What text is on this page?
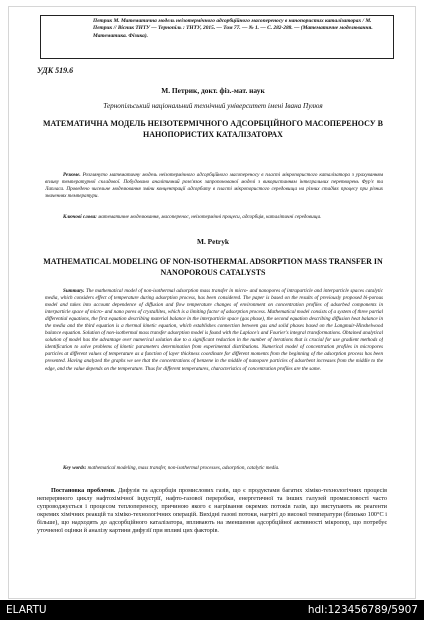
Петрик М. Математична модель неізотермічного адсорбційного масопереносу в нанопористих каталізаторах / М. Петрик // Вісник ТНТУ — Тернопіль : ТНТУ, 2015. — Том 77. — № 1. — С. 282-288. — (Математичне моделювання. Математика. Фізика).
УДК 519.6
М. Петрик, докт. фіз.-мат. наук
Тернопільський національний технічний університет імені Івана Пулюя
МАТЕМАТИЧНА МОДЕЛЬ НЕІЗОТЕРМІЧНОГО АДСОРБЦІЙНОГО МАСОПЕРЕНОСУ В НАНОПОРИСТИХ КАТАЛІЗАТОРАХ
Резюме. Розглянуто математичну модель неізотермічного адсорбційного масопереносу в пласті мікропористого каталізатора з урахуванням впливу температурної складової. Побудовано аналітичний розв'язок запропонованої моделі з використанням інтегральних перетворень Фур'є та Лапласа. Проведено чисельне моделювання зміни концентрації адсорбату в пласті мікропористого середовища на різних стадіях процесу при різних значеннях температури.
Ключові слова: математичне моделювання, масоперенос, неізотермічні процеси, адсорбція, каталітичні середовища.
M. Petryk
MATHEMATICAL MODELING OF NON-ISOTHERMAL ADSORPTION MASS TRANSFER IN NANOPOROUS CATALYSTS
Summary. The mathematical model of non-isothermal adsorption mass transfer in micro- and nanopores of intraparticle and interparticle spaces catalytic media, which considers effect of temperature during adsorption process, has been considered. The paper is based on the results of previously proposed bi-porous model and takes into account dependence of diffusion and flow temperature changes of environment on concentration profiles of adsorbed components in interparticle space of micro- and nano pores of crystallites, which is a limiting factor of adsorption process. Mathematical model consists of a system of three partial differential equations, the first equation describing material balance in the interparticle space (gas phase), the second equation describing diffusion heat balance in the media and the third equation is a thermal kinetic equation, which establishes connection between gas and solid phases based on the Langmuir-Hinshelwood balance equation. Solution of non-isothermal mass transfer adsorption model is found with the Laplace's and Fourier's integral transformations. Obtained analytical solution of model has the advantage over numerical solution due to a significant reduction in the number of iterations that is crucial for use gradient methods of identification to solve problems of kinetic parameters determination from experimental distributions. Numerical model of concentration profiles in micropores particles at different values of temperature as a function of layer thickness coordinate for different moments from the beginning of the adsorption process has been presented. Having analyzed the graphs we see that the concentrations of benzene in the middle of nanopore particles of adsorbent increases from the middle to the edge, and the value depends on the temperature. Thus for different temperatures, characteristics of concentration profiles are the same.
Key words: mathematical modeling, mass transfer, non-isothermal processes, adsorption, catalytic media.
Постановка проблеми. Дифузія та адсорбція промислових газів, що є продуктами багатих хіміко-технологічних процесів неперервного циклу нафтохімічної індустрії, нафто-газової переробки, енергетичної та інших галузей промисловості часто супроводжується і процесом теплопереносу, причиною якого є нагрівання окремих потоків газів, що виступають як реагенти окремих хімічних реакцій та хіміко-технологічних операцій. Вихідні газові потоки, нагріті до високої температури (близько 100°С і більше), що надходять до адсорбційного каталізатора, впливають на зменшення адсорбційної активності мікропор, що потребує уточненої оцінки й аналізу картини дифузії при впливі цих факторів.
ELARTU	hdl:123456789/5907
